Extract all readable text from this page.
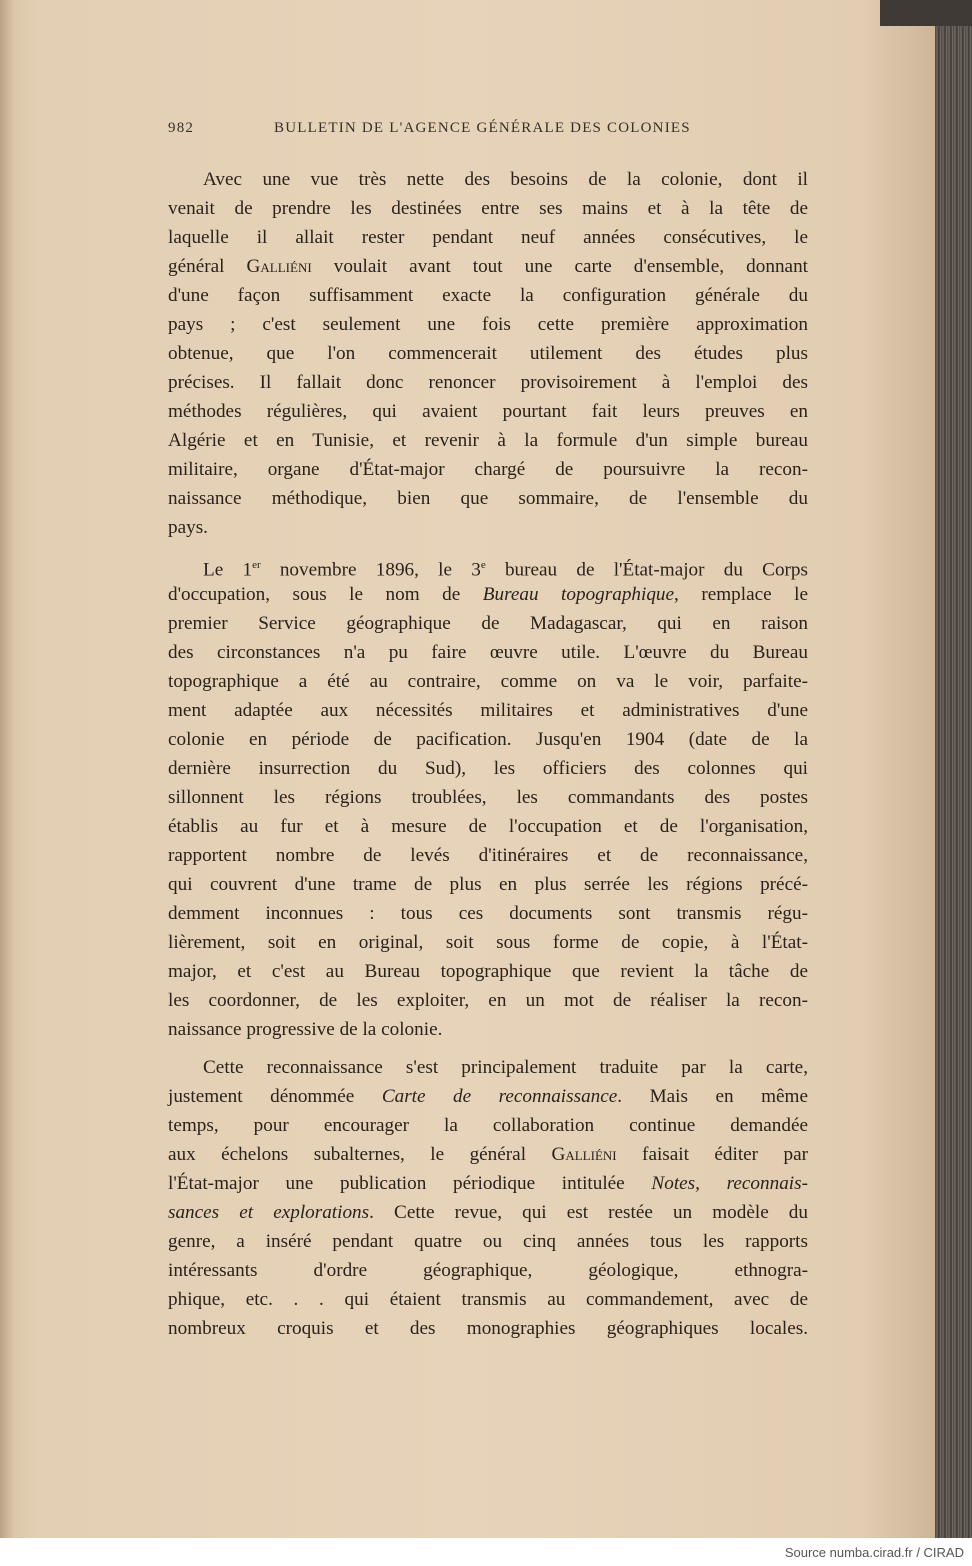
982	BULLETIN DE L'AGENCE GÉNÉRALE DES COLONIES
Avec une vue très nette des besoins de la colonie, dont il
venait de prendre les destinées entre ses mains et à la tête de
laquelle il allait rester pendant neuf années consécutives, le
général Galliéni voulait avant tout une carte d'ensemble, donnant
d'une façon suffisamment exacte la configuration générale du
pays ; c'est seulement une fois cette première approximation
obtenue, que l'on commencerait utilement des études plus
précises. Il fallait donc renoncer provisoirement à l'emploi des
méthodes régulières, qui avaient pourtant fait leurs preuves en
Algérie et en Tunisie, et revenir à la formule d'un simple bureau
militaire, organe d'État-major chargé de poursuivre la recon-
naissance méthodique, bien que sommaire, de l'ensemble du
pays.
Le 1er novembre 1896, le 3e bureau de l'État-major du Corps
d'occupation, sous le nom de Bureau topographique, remplace le
premier Service géographique de Madagascar, qui en raison
des circonstances n'a pu faire œuvre utile. L'œuvre du Bureau
topographique a été au contraire, comme on va le voir, parfaite-
ment adaptée aux nécessités militaires et administratives d'une
colonie en période de pacification. Jusqu'en 1904 (date de la
dernière insurrection du Sud), les officiers des colonnes qui
sillonnent les régions troublées, les commandants des postes
établis au fur et à mesure de l'occupation et de l'organisation,
rapportent nombre de levés d'itinéraires et de reconnaissance,
qui couvrent d'une trame de plus en plus serrée les régions précé-
demment inconnues : tous ces documents sont transmis régu-
lièrement, soit en original, soit sous forme de copie, à l'État-
major, et c'est au Bureau topographique que revient la tâche de
les coordonner, de les exploiter, en un mot de réaliser la recon-
naissance progressive de la colonie.
Cette reconnaissance s'est principalement traduite par la carte,
justement dénommée Carte de reconnaissance. Mais en même
temps, pour encourager la collaboration continue demandée
aux échelons subalternes, le général Galliéni faisait éditer par
l'État-major une publication périodique intitulée Notes, reconnais-
sances et explorations. Cette revue, qui est restée un modèle du
genre, a inséré pendant quatre ou cinq années tous les rapports
intéressants d'ordre géographique, géologique, ethnogra-
phique, etc. . . qui étaient transmis au commandement, avec de
nombreux croquis et des monographies géographiques locales.
Source numba.cirad.fr / CIRAD
